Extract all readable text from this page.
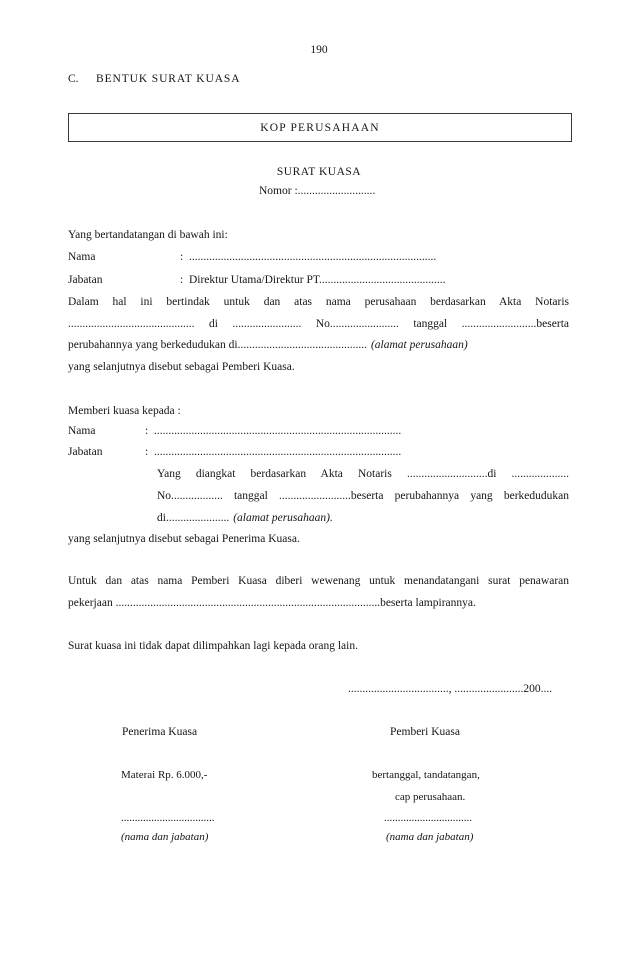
190
C. BENTUK SURAT KUASA
KOP PERUSAHAAN
SURAT KUASA
Nomor :...........................
Yang bertandatangan di bawah ini:
Nama	:  ......................................................................................
Jabatan	:  Direktur Utama/Direktur PT............................................
Dalam hal ini bertindak untuk dan atas nama perusahaan berdasarkan Akta Notaris
............................................ di ........................ No........................ tanggal ..........................beserta
perubahannya yang berkedudukan di............................................. (alamat perusahaan)
yang selanjutnya disebut sebagai Pemberi Kuasa.
Memberi kuasa kepada :
Nama	:  ......................................................................................
Jabatan	:  ......................................................................................
Yang diangkat berdasarkan Akta Notaris ............................di ....................
No.................. tanggal .........................beserta perubahannya yang berkedudukan
di...................... (alamat perusahaan).
yang selanjutnya disebut sebagai Penerima Kuasa.
Untuk dan atas nama Pemberi Kuasa diberi wewenang untuk menandatangani surat penawaran
pekerjaan ............................................................................................beserta lampirannya.
Surat kuasa ini tidak dapat dilimpahkan lagi kepada orang lain.
..................................., ........................200....
Penerima Kuasa	Pemberi Kuasa
Materai Rp. 6.000,-	bertanggal, tandatangan,
cap perusahaan.
..................................	................................
(nama dan jabatan)	(nama dan jabatan)
